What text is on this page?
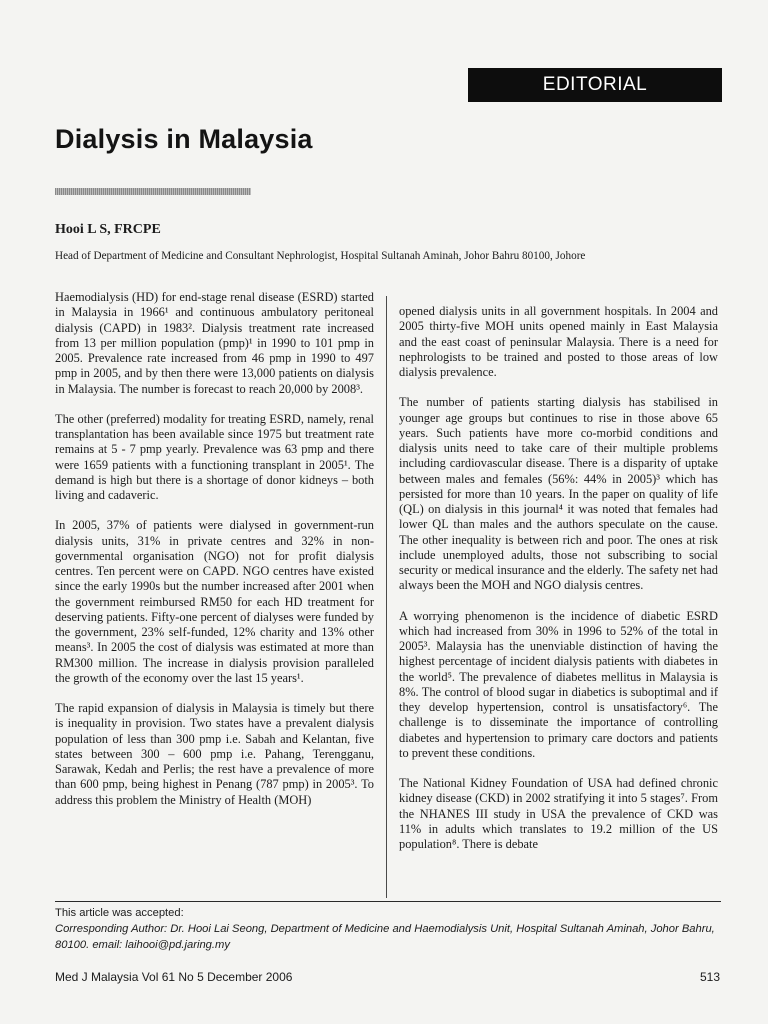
EDITORIAL
Dialysis in Malaysia
Hooi L S, FRCPE
Head of Department of Medicine and Consultant Nephrologist, Hospital Sultanah Aminah, Johor Bahru 80100, Johore

Haemodialysis (HD) for end-stage renal disease (ESRD) started in Malaysia in 1966¹ and continuous ambulatory peritoneal dialysis (CAPD) in 1983². Dialysis treatment rate increased from 13 per million population (pmp)¹ in 1990 to 101 pmp in 2005. Prevalence rate increased from 46 pmp in 1990 to 497 pmp in 2005, and by then there were 13,000 patients on dialysis in Malaysia. The number is forecast to reach 20,000 by 2008³.

The other (preferred) modality for treating ESRD, namely, renal transplantation has been available since 1975 but treatment rate remains at 5 - 7 pmp yearly. Prevalence was 63 pmp and there were 1659 patients with a functioning transplant in 2005¹. The demand is high but there is a shortage of donor kidneys – both living and cadaveric.

In 2005, 37% of patients were dialysed in government-run dialysis units, 31% in private centres and 32% in non-governmental organisation (NGO) not for profit dialysis centres. Ten percent were on CAPD. NGO centres have existed since the early 1990s but the number increased after 2001 when the government reimbursed RM50 for each HD treatment for deserving patients. Fifty-one percent of dialyses were funded by the government, 23% self-funded, 12% charity and 13% other means³. In 2005 the cost of dialysis was estimated at more than RM300 million. The increase in dialysis provision paralleled the growth of the economy over the last 15 years¹.

The rapid expansion of dialysis in Malaysia is timely but there is inequality in provision. Two states have a prevalent dialysis population of less than 300 pmp i.e. Sabah and Kelantan, five states between 300 – 600 pmp i.e. Pahang, Terengganu, Sarawak, Kedah and Perlis; the rest have a prevalence of more than 600 pmp, being highest in Penang (787 pmp) in 2005³. To address this problem the Ministry of Health (MOH)

opened dialysis units in all government hospitals. In 2004 and 2005 thirty-five MOH units opened mainly in East Malaysia and the east coast of peninsular Malaysia. There is a need for nephrologists to be trained and posted to those areas of low dialysis prevalence.

The number of patients starting dialysis has stabilised in younger age groups but continues to rise in those above 65 years. Such patients have more co-morbid conditions and dialysis units need to take care of their multiple problems including cardiovascular disease. There is a disparity of uptake between males and females (56%: 44% in 2005)³ which has persisted for more than 10 years. In the paper on quality of life (QL) on dialysis in this journal⁴ it was noted that females had lower QL than males and the authors speculate on the cause. The other inequality is between rich and poor. The ones at risk include unemployed adults, those not subscribing to social security or medical insurance and the elderly. The safety net had always been the MOH and NGO dialysis centres.

A worrying phenomenon is the incidence of diabetic ESRD which had increased from 30% in 1996 to 52% of the total in 2005³. Malaysia has the unenviable distinction of having the highest percentage of incident dialysis patients with diabetes in the world⁵. The prevalence of diabetes mellitus in Malaysia is 8%. The control of blood sugar in diabetics is suboptimal and if they develop hypertension, control is unsatisfactory⁶. The challenge is to disseminate the importance of controlling diabetes and hypertension to primary care doctors and patients to prevent these conditions.

The National Kidney Foundation of USA had defined chronic kidney disease (CKD) in 2002 stratifying it into 5 stages⁷. From the NHANES III study in USA the prevalence of CKD was 11% in adults which translates to 19.2 million of the US population⁸. There is debate

This article was accepted:
Corresponding Author: Dr. Hooi Lai Seong, Department of Medicine and Haemodialysis Unit, Hospital Sultanah Aminah, Johor Bahru, 80100. email: laihooi@pd.jaring.my
Med J Malaysia Vol 61 No 5 December 2006	513
